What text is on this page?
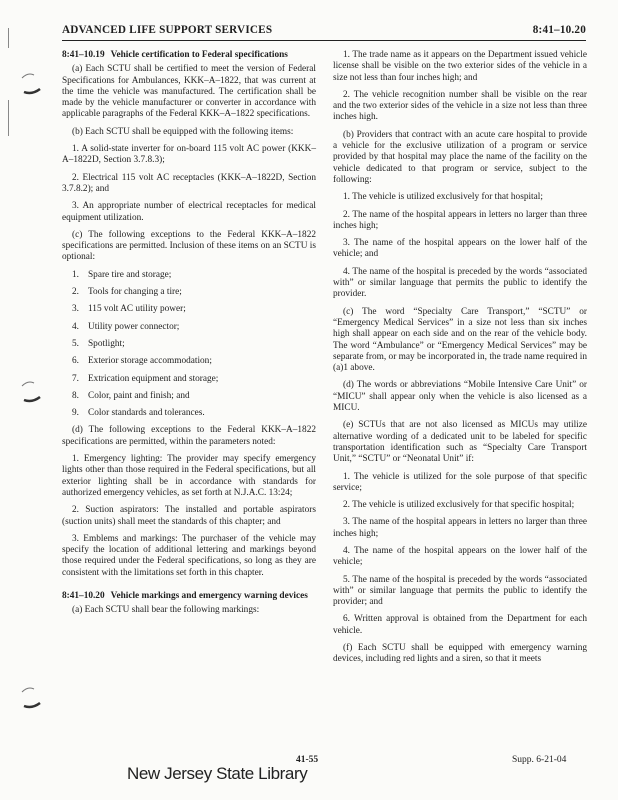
ADVANCED LIFE SUPPORT SERVICES	8:41–10.20
8:41–10.19 Vehicle certification to Federal specifications

(a) Each SCTU shall be certified to meet the version of Federal Specifications for Ambulances, KKK–A–1822, that was current at the time the vehicle was manufactured. The certification shall be made by the vehicle manufacturer or converter in accordance with applicable paragraphs of the Federal KKK–A–1822 specifications.

(b) Each SCTU shall be equipped with the following items:

1. A solid-state inverter for on-board 115 volt AC power (KKK–A–1822D, Section 3.7.8.3);

2. Electrical 115 volt AC receptacles (KKK–A–1822D, Section 3.7.8.2); and

3. An appropriate number of electrical receptacles for medical equipment utilization.

(c) The following exceptions to the Federal KKK–A–1822 specifications are permitted. Inclusion of these items on an SCTU is optional:

1. Spare tire and storage;
2. Tools for changing a tire;
3. 115 volt AC utility power;
4. Utility power connector;
5. Spotlight;
6. Exterior storage accommodation;
7. Extrication equipment and storage;
8. Color, paint and finish; and
9. Color standards and tolerances.

(d) The following exceptions to the Federal KKK–A–1822 specifications are permitted, within the parameters noted:

1. Emergency lighting: The provider may specify emergency lights other than those required in the Federal specifications, but all exterior lighting shall be in accordance with standards for authorized emergency vehicles, as set forth at N.J.A.C. 13:24;

2. Suction aspirators: The installed and portable aspirators (suction units) shall meet the standards of this chapter; and

3. Emblems and markings: The purchaser of the vehicle may specify the location of additional lettering and markings beyond those required under the Federal specifications, so long as they are consistent with the limitations set forth in this chapter.

8:41–10.20 Vehicle markings and emergency warning devices

(a) Each SCTU shall bear the following markings:

1. The trade name as it appears on the Department issued vehicle license shall be visible on the two exterior sides of the vehicle in a size not less than four inches high; and

2. The vehicle recognition number shall be visible on the rear and the two exterior sides of the vehicle in a size not less than three inches high.

(b) Providers that contract with an acute care hospital to provide a vehicle for the exclusive utilization of a program or service provided by that hospital may place the name of the facility on the vehicle dedicated to that program or service, subject to the following:

1. The vehicle is utilized exclusively for that hospital;

2. The name of the hospital appears in letters no larger than three inches high;

3. The name of the hospital appears on the lower half of the vehicle; and

4. The name of the hospital is preceded by the words “associated with” or similar language that permits the public to identify the provider.

(c) The word “Specialty Care Transport,” “SCTU” or “Emergency Medical Services” in a size not less than six inches high shall appear on each side and on the rear of the vehicle body. The word “Ambulance” or “Emergency Medical Services” may be separate from, or may be incorporated in, the trade name required in (a)1 above.

(d) The words or abbreviations “Mobile Intensive Care Unit” or “MICU” shall appear only when the vehicle is also licensed as a MICU.

(e) SCTUs that are not also licensed as MICUs may utilize alternative wording of a dedicated unit to be labeled for specific transportation identification such as “Specialty Care Transport Unit,” “SCTU” or “Neonatal Unit” if:

1. The vehicle is utilized for the sole purpose of that specific service;

2. The vehicle is utilized exclusively for that specific hospital;

3. The name of the hospital appears in letters no larger than three inches high;

4. The name of the hospital appears on the lower half of the vehicle;

5. The name of the hospital is preceded by the words “associated with” or similar language that permits the public to identify the provider; and

6. Written approval is obtained from the Department for each vehicle.

(f) Each SCTU shall be equipped with emergency warning devices, including red lights and a siren, so that it meets

41-55	Supp. 6-21-04
New Jersey State Library
